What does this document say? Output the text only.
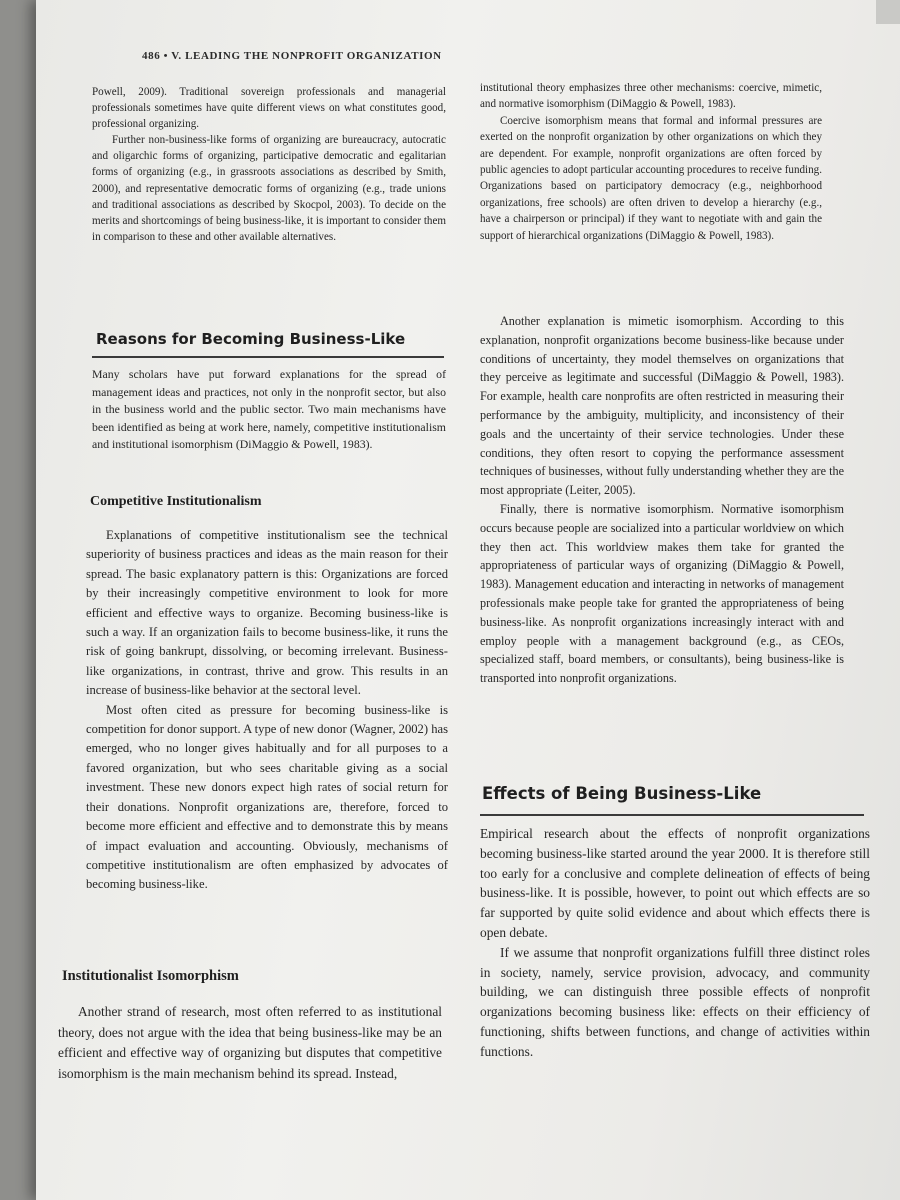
486 • V. LEADING THE NONPROFIT ORGANIZATION

Powell, 2009). Traditional sovereign professionals and managerial professionals sometimes have quite different views on what constitutes good, professional organizing.

Further non-business-like forms of organizing are bureaucracy, autocratic and oligarchic forms of organizing, participative democratic and egalitarian forms of organizing (e.g., in grassroots associations as described by Smith, 2000), and representative democratic forms of organizing (e.g., trade unions and traditional associations as described by Skocpol, 2003). To decide on the merits and shortcomings of being business-like, it is important to consider them in comparison to these and other available alternatives.

Reasons for Becoming Business-Like

Many scholars have put forward explanations for the spread of management ideas and practices, not only in the nonprofit sector, but also in the business world and the public sector. Two main mechanisms have been identified as being at work here, namely, competitive institutionalism and institutional isomorphism (DiMaggio & Powell, 1983).

Competitive Institutionalism

Explanations of competitive institutionalism see the technical superiority of business practices and ideas as the main reason for their spread. The basic explanatory pattern is this: Organizations are forced by their increasingly competitive environment to look for more efficient and effective ways to organize. Becoming business-like is such a way. If an organization fails to become business-like, it runs the risk of going bankrupt, dissolving, or becoming irrelevant. Business-like organizations, in contrast, thrive and grow. This results in an increase of business-like behavior at the sectoral level.

Most often cited as pressure for becoming business-like is competition for donor support. A type of new donor (Wagner, 2002) has emerged, who no longer gives habitually and for all purposes to a favored organization, but who sees charitable giving as a social investment. These new donors expect high rates of social return for their donations. Nonprofit organizations are, therefore, forced to become more efficient and effective and to demonstrate this by means of impact evaluation and accounting. Obviously, mechanisms of competitive institutionalism are often emphasized by advocates of becoming business-like.

Institutionalist Isomorphism

Another strand of research, most often referred to as institutional theory, does not argue with the idea that being business-like may be an efficient and effective way of organizing but disputes that competitive isomorphism is the main mechanism behind its spread. Instead,

institutional theory emphasizes three other mechanisms: coercive, mimetic, and normative isomorphism (DiMaggio & Powell, 1983).

Coercive isomorphism means that formal and informal pressures are exerted on the nonprofit organization by other organizations on which they are dependent. For example, nonprofit organizations are often forced by public agencies to adopt particular accounting procedures to receive funding. Organizations based on participatory democracy (e.g., neighborhood organizations, free schools) are often driven to develop a hierarchy (e.g., have a chairperson or principal) if they want to negotiate with and gain the support of hierarchical organizations (DiMaggio & Powell, 1983).

Another explanation is mimetic isomorphism. According to this explanation, nonprofit organizations become business-like because under conditions of uncertainty, they model themselves on organizations that they perceive as legitimate and successful (DiMaggio & Powell, 1983). For example, health care nonprofits are often restricted in measuring their performance by the ambiguity, multiplicity, and inconsistency of their goals and the uncertainty of their service technologies. Under these conditions, they often resort to copying the performance assessment techniques of businesses, without fully understanding whether they are the most appropriate (Leiter, 2005).

Finally, there is normative isomorphism. Normative isomorphism occurs because people are socialized into a particular worldview on which they then act. This worldview makes them take for granted the appropriateness of particular ways of organizing (DiMaggio & Powell, 1983). Management education and interacting in networks of management professionals make people take for granted the appropriateness of being business-like. As nonprofit organizations increasingly interact with and employ people with a management background (e.g., as CEOs, specialized staff, board members, or consultants), being business-like is transported into nonprofit organizations.

Effects of Being Business-Like

Empirical research about the effects of nonprofit organizations becoming business-like started around the year 2000. It is therefore still too early for a conclusive and complete delineation of effects of being business-like. It is possible, however, to point out which effects are so far supported by quite solid evidence and about which effects there is open debate.

If we assume that nonprofit organizations fulfill three distinct roles in society, namely, service provision, advocacy, and community building, we can distinguish three possible effects of nonprofit organizations becoming business like: effects on their efficiency of functioning, shifts between functions, and change of activities within functions.
